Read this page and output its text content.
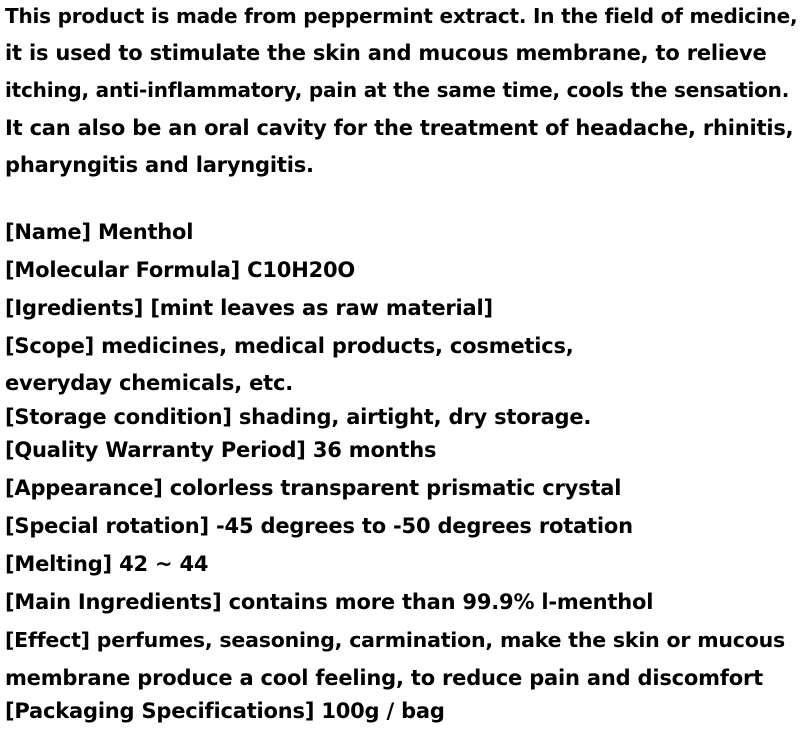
This product is made from peppermint extract. In the field of medicine,
it is used to stimulate the skin and mucous membrane, to relieve
itching, anti-inflammatory, pain at the same time, cools the sensation.
It can also be an oral cavity for the treatment of headache, rhinitis,
pharyngitis and laryngitis.
[Name] Menthol
[Molecular Formula] C10H20O
[Igredients] [mint leaves as raw material]
[Scope] medicines, medical products, cosmetics,
everyday chemicals, etc.
[Storage condition] shading, airtight, dry storage.
[Quality Warranty Period] 36 months
[Appearance] colorless transparent prismatic crystal
[Special rotation] -45 degrees to -50 degrees rotation
[Melting] 42 ~ 44
[Main Ingredients] contains more than 99.9% l-menthol
[Effect] perfumes, seasoning, carmination, make the skin or mucous
membrane produce a cool feeling, to reduce pain and discomfort
[Packaging Specifications] 100g / bag
